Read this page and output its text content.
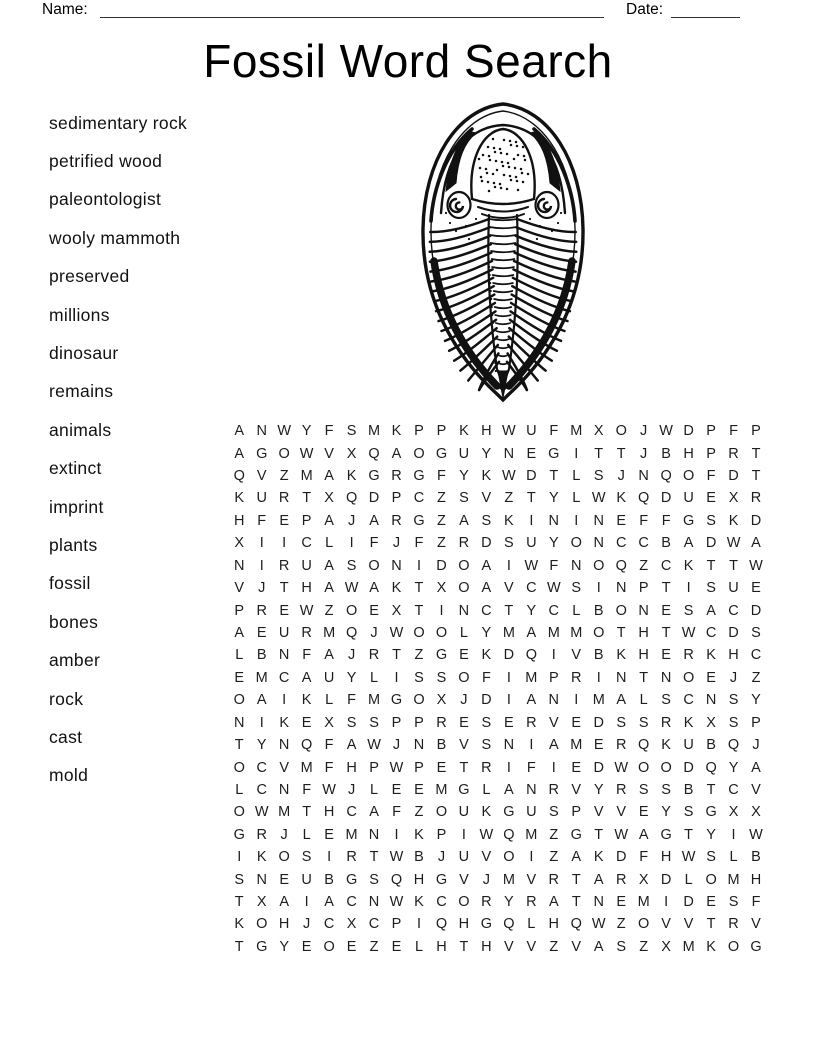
Name:	Date:
Fossil Word Search
sedimentary rock
petrified wood
paleontologist
wooly mammoth
preserved
millions
dinosaur
remains
animals
extinct
imprint
plants
fossil
bones
amber
rock
cast
mold
A N W Y F S M K P P K H W U F M X O J W D P F P
A G O W V X Q A O G U Y N E G	I	T T J B H P R T
Q V Z M A K G R G F Y K W D T L S J N Q O F D T
K U R T X Q D P C Z S V Z T Y L W K Q D U E X R
H F E P A J A R G Z A S K	I	N	I	N E F F G S K D
X	I	I	C L	I	F J F Z R D S U Y O N C C B A D W A
N	I	R U A S O N	I	D O A	I W F N O Q Z C K T T W
V J T H A W A K T X O A V C W S	I	N P T	I	S U E
P R E W Z O E X T	I	N C T Y C L B O N E S A C D
A E U R M Q J W O O L Y M A M M O T H T W C D S
L B N F A J R T Z G E K D Q	I	V B K H E R K H C
E M C A U Y L	I	S S O F	I M P R	I	N T N O E J Z
O A	I	K L F M G O X J D	I	A N	I M A L S C N S Y
N	I	K E X S S P P R E S E R V E D S S R K X S P
T Y N Q F A W J N B V S N	I	A M E R Q K U B Q J
O C V M F H P W P E T R	I	F	I	E D W O O D Q Y A
L C N F W J	L E E M G L A N R V Y R S S B T C V
O W M T H C A F Z O U K G U S P V V E Y S G X X
G R J	L E M N	I	K P	I W Q M Z G T W A G T Y	I W
I	K O S	I	R T W B J U V O	I	Z A K D F H W S L B
S N E U B G S Q H G V J M V R T A R X D L O M H
T X A	I	A C N W K C O R Y R A T N E M I	D E S F
K O H J C X C P	I	Q H G Q L H Q W Z O V V T R V
T G Y E O E Z E L H T H V V Z V A S Z X M K O G
